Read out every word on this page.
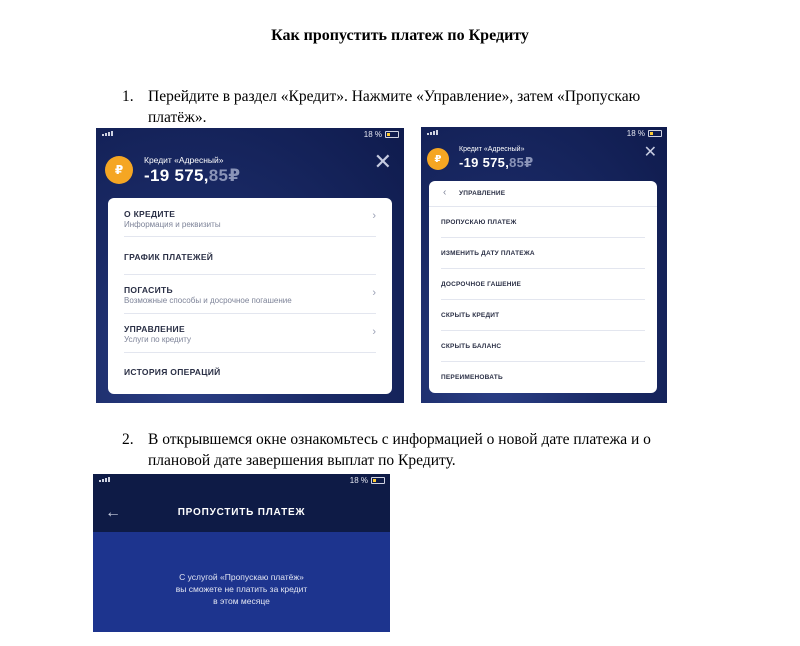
Как пропустить платеж по Кредиту
1. Перейдите в раздел «Кредит». Нажмите «Управление», затем «Пропускаю
платёж».
18 %
₽
Кредит «Адресный»
-19 575,85₽
✕
О КРЕДИТЕ
Информация и реквизиты
›
ГРАФИК ПЛАТЕЖЕЙ
ПОГАСИТЬ
Возможные способы и досрочное погашение
›
УПРАВЛЕНИЕ
Услуги по кредиту
›
ИСТОРИЯ ОПЕРАЦИЙ
18 %
₽
Кредит «Адресный»
-19 575,85₽
✕
‹ УПРАВЛЕНИЕ
ПРОПУСКАЮ ПЛАТЕЖ
ИЗМЕНИТЬ ДАТУ ПЛАТЕЖА
ДОСРОЧНОЕ ГАШЕНИЕ
СКРЫТЬ КРЕДИТ
СКРЫТЬ БАЛАНС
ПЕРЕИМЕНОВАТЬ
2. В открывшемся окне ознакомьтесь с информацией о новой дате платежа и о
плановой дате завершения выплат по Кредиту.
18 %
←	ПРОПУСТИТЬ ПЛАТЕЖ
С услугой «Пропускаю платёж»
вы сможете не платить за кредит
в этом месяце
